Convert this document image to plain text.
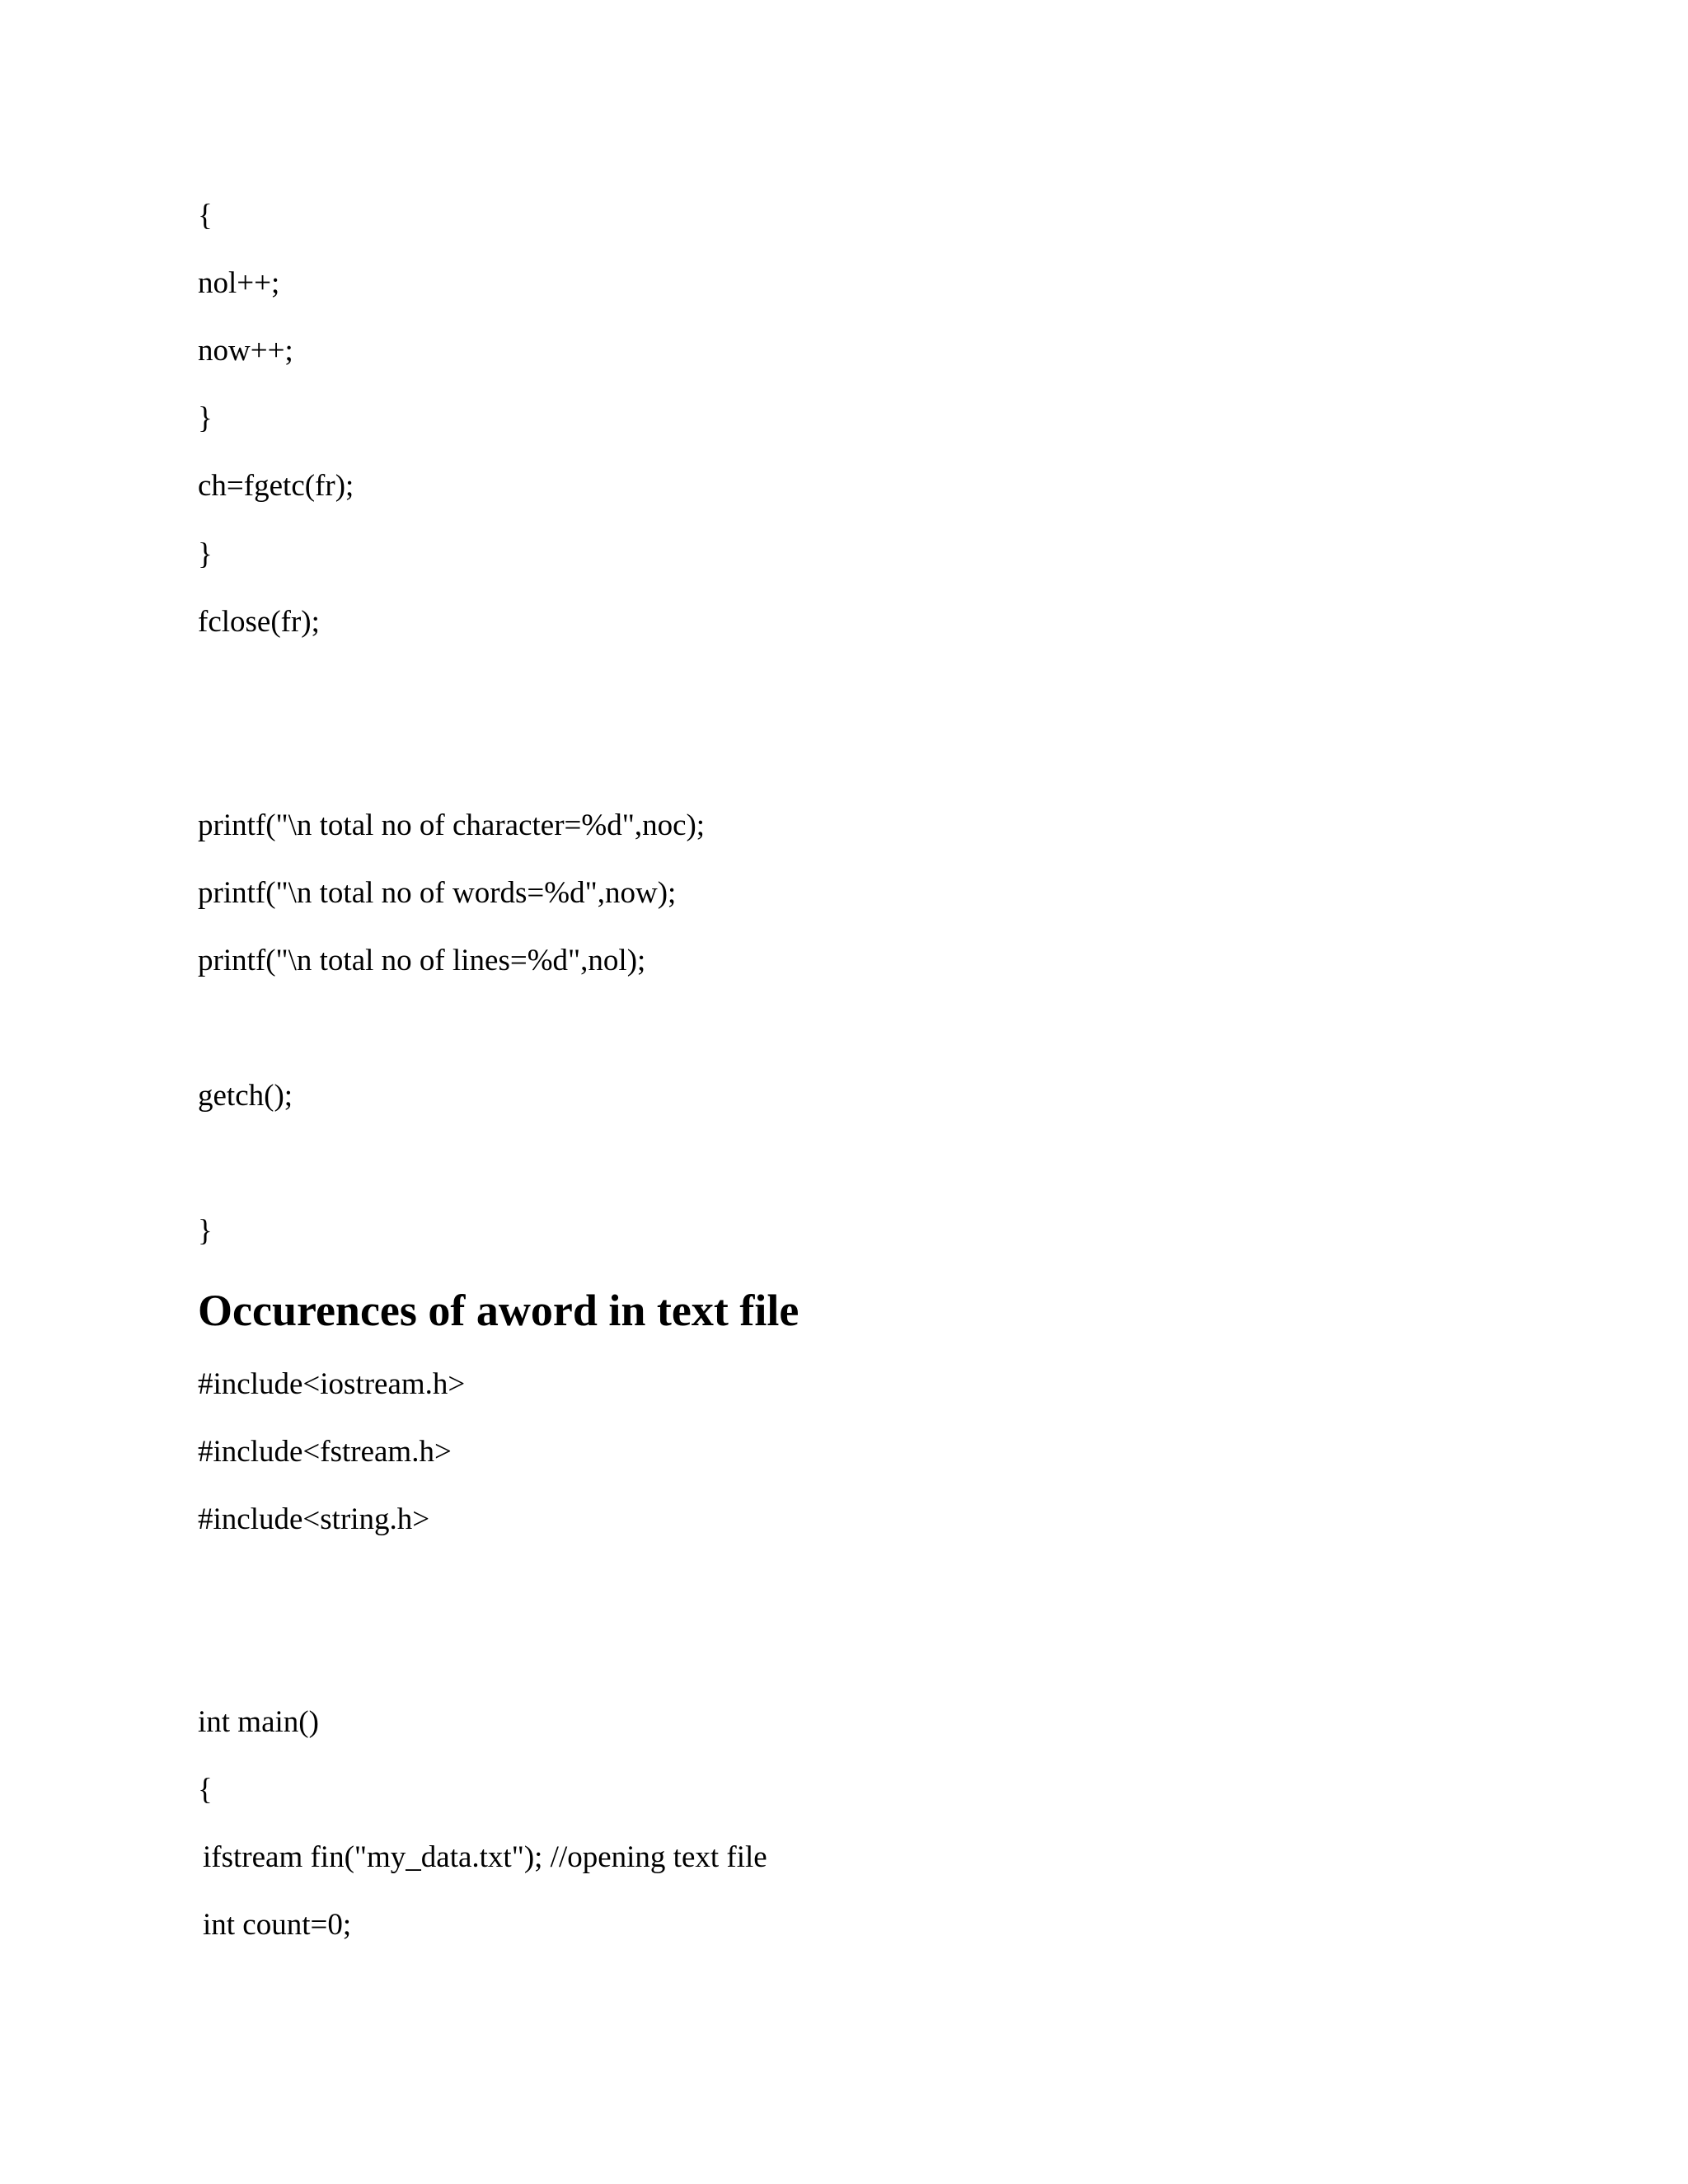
{
nol++;
now++;
}
ch=fgetc(fr);
}
fclose(fr);
printf("\n total no of character=%d",noc);
printf("\n total no of words=%d",now);
printf("\n total no of lines=%d",nol);
getch();
}
Occurences of aword in text file
#include<iostream.h>
#include<fstream.h>
#include<string.h>
int main()
{
ifstream fin("my_data.txt"); //opening text file
int count=0;
